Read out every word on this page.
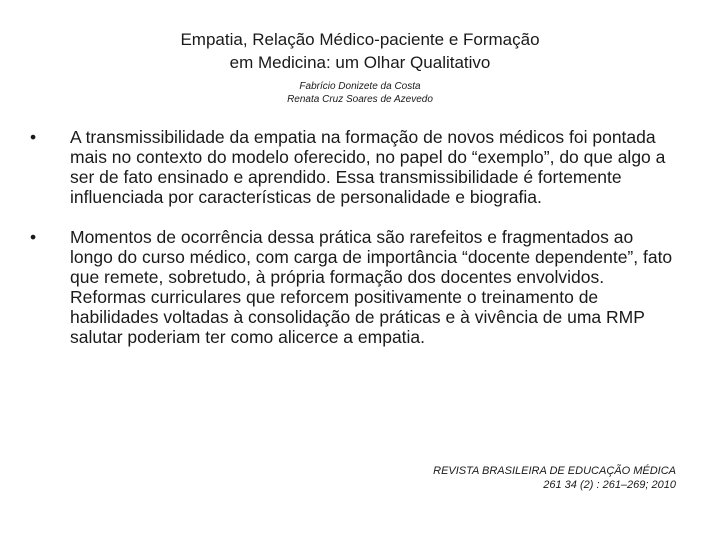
Empatia, Relação Médico-paciente e Formação
em Medicina: um Olhar Qualitativo
Fabrício Donizete da Costa
Renata Cruz Soares de Azevedo
•	A transmissibilidade da empatia na formação de novos médicos foi pontada mais no contexto do modelo oferecido, no papel do “exemplo”, do que algo a ser de fato ensinado e aprendido. Essa transmissibilidade é fortemente influenciada por características de personalidade e biografia.
•	Momentos de ocorrência dessa prática são rarefeitos e fragmentados ao longo do curso médico, com carga de importância “docente dependente”, fato que remete, sobretudo, à própria formação dos docentes envolvidos. Reformas curriculares que reforcem positivamente o treinamento de habilidades voltadas à consolidação de práticas e à vivência de uma RMP salutar poderiam ter como alicerce a empatia.
REVISTA BRASILEIRA DE EDUCAÇÃO MÉDICA
261 34 (2) : 261–269; 2010
